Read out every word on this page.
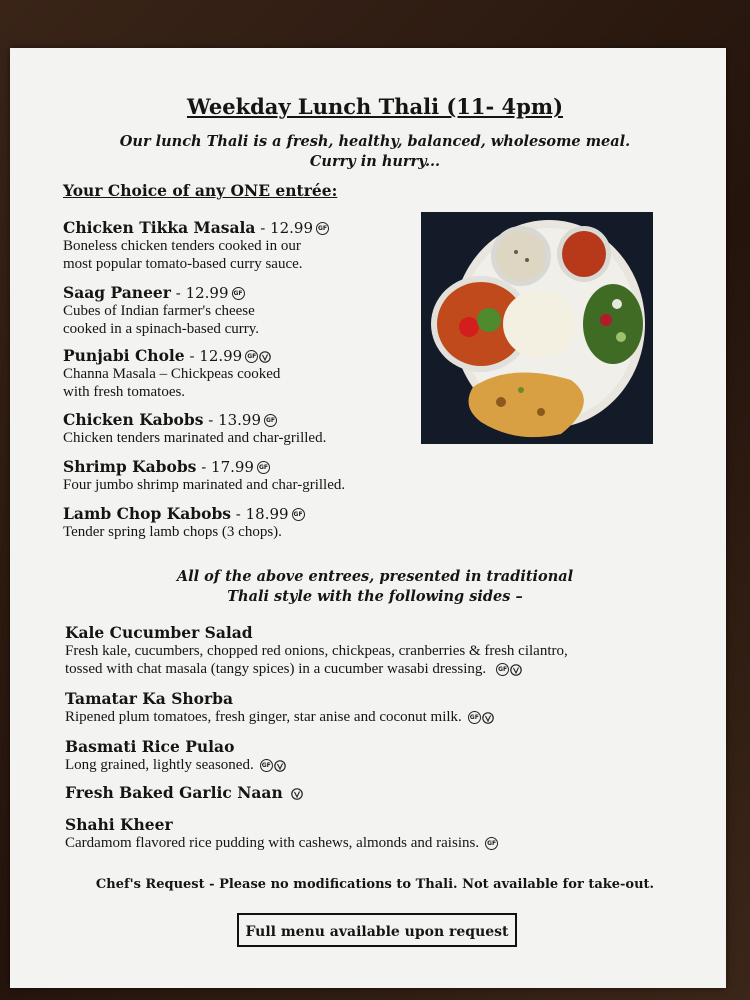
Weekday Lunch Thali (11- 4pm)
Our lunch Thali is a fresh, healthy, balanced, wholesome meal.
Curry in hurry...
Your Choice of any ONE entrée:
Chicken Tikka Masala - 12.99 GF
Boneless chicken tenders cooked in our
most popular tomato-based curry sauce.
Saag Paneer - 12.99 GF
Cubes of Indian farmer's cheese
cooked in a spinach-based curry.
Punjabi Chole - 12.99 GF
Channa Masala – Chickpeas cooked
with fresh tomatoes.
Chicken Kabobs - 13.99 GF
Chicken tenders marinated and char-grilled.
Shrimp Kabobs - 17.99 GF
Four jumbo shrimp marinated and char-grilled.
Lamb Chop Kabobs - 18.99 GF
Tender spring lamb chops (3 chops).
All of the above entrees, presented in traditional
Thali style with the following sides –
Kale Cucumber Salad
Fresh kale, cucumbers, chopped red onions, chickpeas, cranberries & fresh cilantro,
tossed with chat masala (tangy spices) in a cucumber wasabi dressing. GF
Tamatar Ka Shorba
Ripened plum tomatoes, fresh ginger, star anise and coconut milk. GF
Basmati Rice Pulao
Long grained, lightly seasoned. GF
Fresh Baked Garlic Naan
Shahi Kheer
Cardamom flavored rice pudding with cashews, almonds and raisins. GF
Chef's Request - Please no modifications to Thali. Not available for take-out.
Full menu available upon request
